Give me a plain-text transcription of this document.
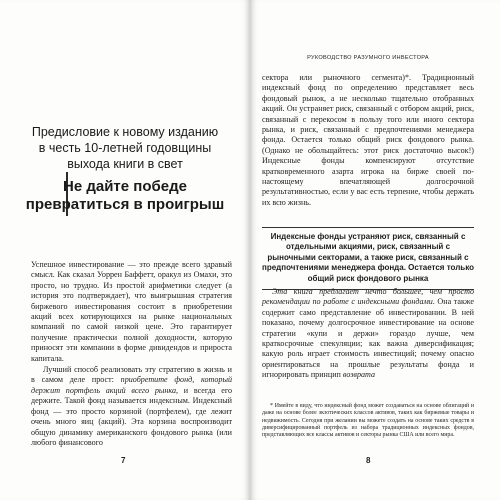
Предисловие к новому изданию
в честь 10-летней годовщины
выхода книги в свет
Не дайте победе
превратиться в проигрыш

Успешное инвестирование — это прежде всего здравый смысл. Как сказал Уоррен Баффетт, оракул из Омахи, это просто, но трудно. Из простой арифметики следует (а история это подтверждает), что выигрышная стратегия биржевого инвестирования состоит в приобретении акций всех котирующихся на рынке национальных компаний по самой низкой цене. Это гарантирует получение практически полной доходности, которую приносят эти компании в форме дивидендов и прироста капитала.

Лучший способ реализовать эту стратегию в жизнь и в самом деле прост: приобретите фонд, который держит портфель акций всего рынка, и всегда его держите. Такой фонд называется индексным. Индексный фонд — это просто корзиной (портфелем), где лежит очень много яиц (акций). Эта корзина воспроизводит общую динамику американского фондового рынка (или любого финансового

7
РУКОВОДСТВО РАЗУМНОГО ИНВЕСТОРА

сектора или рыночного сегмента)*. Традиционный индексный фонд по определению представляет весь фондовый рынок, а не несколько тщательно отобранных акций. Он устраняет риск, связанный с отбором акций, риск, связанный с перекосом в пользу того или иного сектора рынка, и риск, связанный с предпочтениями менеджера фонда. Остается только общий риск фондового рынка. (Однако не обольщайтесь: этот риск достаточно высок!) Индексные фонды компенсируют отсутствие кратковременного азарта игрока на бирже своей по-настоящему впечатляющей долгосрочной результативностью, если у вас есть терпение, чтобы держать их всю жизнь.

Индексные фонды устраняют риск, связанный с отдельными акциями, риск, связанный с рыночными секторами, а также риск, связанный с предпочтениями менеджера фонда. Остается только общий риск фондового рынка

Эта книга предлагает нечто большее, чем просто рекомендации по работе с индексными фондами. Она также содержит само представление об инвестировании. В ней показано, почему долгосрочное инвестирование на основе стратегии «купи и держи» гораздо лучше, чем краткосрочные спекуляции; как важна диверсификация; какую роль играет стоимость инвестиций; почему опасно ориентироваться на прошлые результаты фонда и игнорировать принцип возврата

* Имейте в виду, что индексный фонд может создаваться на основе облигаций и даже на основе более экзотических классов активов, таких как биржевые товары и недвижимость. Сегодня при желании вы можете создать на основе таких средств в диверсифицированный портфель из набора традиционных индексных фондов, представляющих все классы активов и секторы рынка США или всего мира.

8
